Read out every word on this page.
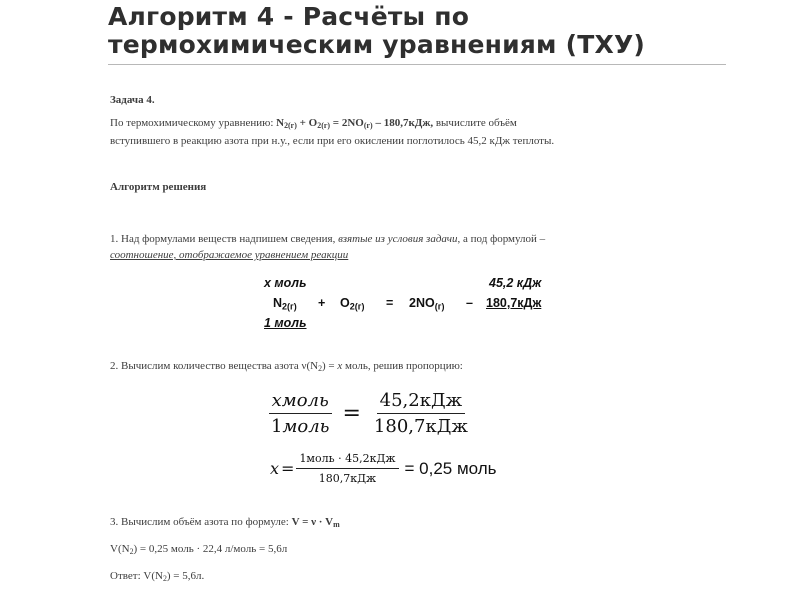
Алгоритм 4 - Расчёты по
термохимическим уравнениям (ТХУ)
Задача 4.
По термохимическому уравнению: $N_{2(г)} + O_{2(г)} = 2NO_{(г)} - 180,7кДж$, вычислите объём
вступившего в реакцию азота при н.у., если при его окислении поглотилось 45,2 кДж теплоты.
Алгоритм решения
1. Над формулами веществ надпишем сведения, взятые из условия задачи, а под формулой –
соотношение, отображаемое уравнением реакции
x моль	45,2 кДж
$N_{2(г)} + O_{2(г)} = 2NO_{(г)} - 180,7кДж$
1 моль
2. Вычислим количество вещества азота $\nu(N_2) = x$ моль, решив пропорцию:
$\frac{\text{xмоль}}{\text{1моль}} = \frac{\text{45,2кДж}}{\text{180,7кДж}}$
$x = \frac{\text{1моль · 45,2кДж}}{\text{180,7кДж}} = 0,25$ моль
3. Вычислим объём азота по формуле: $V = \nu \cdot V_m$
$V(N_2) = 0,25$ моль · 22,4 л/моль = 5,6л
Ответ: $V(N_2) = 5,6л$.
